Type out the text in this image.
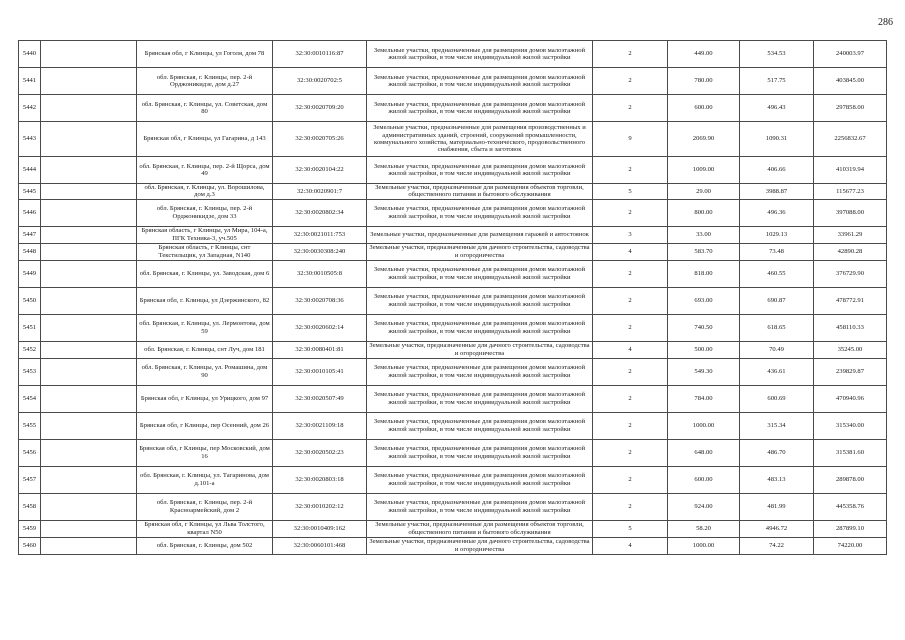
286
5440		Брянская обл, г Клинцы, ул Гоголя, дом 78	32:30:0010116:87	Земельные участки, предназначенные для размещения домов малоэтажной жилой застройки, в том числе индивидуальной жилой застройки	2	449.00	534.53	240003.97
5441		обл. Брянская, г. Клинцы, пер. 2-й Орджоникидзе, дом д.27	32:30:0020702:5	Земельные участки, предназначенные для размещения домов малоэтажной жилой застройки, в том числе индивидуальной жилой застройки	2	780.00	517.75	403845.00
5442		обл. Брянская, г. Клинцы, ул. Советская, дом 80	32:30:0020709:20	Земельные участки, предназначенные для размещения домов малоэтажной жилой застройки, в том числе индивидуальной жилой застройки	2	600.00	496.43	297858.00
5443		Брянская обл, г Клинцы, ул Гагарина, д 143	32:30:0020705:26	Земельные участки, предназначенные для размещения производственных и административных зданий, строений, сооружений промышленности, коммунального хозяйства, материально-технического, продовольственного снабжения, сбыта и заготовок	9	2069.90	1090.31	2256832.67
5444		обл. Брянская, г. Клинцы, пер. 2-й Щорса, дом 49	32:30:0020104:22	Земельные участки, предназначенные для размещения домов малоэтажной жилой застройки, в том числе индивидуальной жилой застройки	2	1009.00	406.66	410319.94
5445		обл. Брянская, г. Клинцы, ул. Ворошилова, дом д.3	32:30:0020901:7	Земельные участки, предназначенные для размещения объектов торговли, общественного питания и бытового обслуживания	5	29.00	3988.87	115677.23
5446		обл. Брянская, г. Клинцы, пер. 2-й Орджоникидзе, дом 33	32:30:0020802:34	Земельные участки, предназначенные для размещения домов малоэтажной жилой застройки, в том числе индивидуальной жилой застройки	2	800.00	496.36	397088.00
5447		Брянская область, г Клинцы, ул Мира, 104-а, ПГК Техника-3, уч.505	32:30:0021011:753	Земельные участки, предназначенные для размещения гаражей и автостоянок	3	33.00	1029.13	33961.29
5448		Брянская область, г Клинцы, снт Текстильщик, ул Западная, N140	32:30:0030308:240	Земельные участки, предназначенные для дачного строительства, садоводства и огородничества	4	583.70	73.48	42890.28
5449		обл. Брянская, г. Клинцы, ул. Заводская, дом 6	32:30:0010505:8	Земельные участки, предназначенные для размещения домов малоэтажной жилой застройки, в том числе индивидуальной жилой застройки	2	818.00	460.55	376729.90
5450		Брянская обл, г. Клинцы, ул Дзержинского, 82	32:30:0020708:36	Земельные участки, предназначенные для размещения домов малоэтажной жилой застройки, в том числе индивидуальной жилой застройки	2	693.00	690.87	478772.91
5451		обл. Брянская, г. Клинцы, ул. Лермонтова, дом 59	32:30:0020602:14	Земельные участки, предназначенные для размещения домов малоэтажной жилой застройки, в том числе индивидуальной жилой застройки	2	740.50	618.65	458110.33
5452		обл. Брянская, г. Клинцы, снт Луч, дом 181	32:30:0080401:81	Земельные участки, предназначенные для дачного строительства, садоводства и огородничества	4	500.00	70.49	35245.00
5453		обл. Брянская, г. Клинцы, ул. Ромашина, дом 90	32:30:0010105:41	Земельные участки, предназначенные для размещения домов малоэтажной жилой застройки, в том числе индивидуальной жилой застройки	2	549.30	436.61	239829.87
5454		Брянская обл, г Клинцы, ул Урицкого, дом 97	32:30:0020507:49	Земельные участки, предназначенные для размещения домов малоэтажной жилой застройки, в том числе индивидуальной жилой застройки	2	784.00	600.69	470940.96
5455		Брянская обл, г Клинцы, пер Осенний, дом 26	32:30:0021109:18	Земельные участки, предназначенные для размещения домов малоэтажной жилой застройки, в том числе индивидуальной жилой застройки	2	1000.00	315.34	315340.00
5456		Брянская обл, г Клинцы, пер Московский, дом 16	32:30:0020502:23	Земельные участки, предназначенные для размещения домов малоэтажной жилой застройки, в том числе индивидуальной жилой застройки	2	648.00	486.70	315381.60
5457		обл. Брянская, г. Клинцы, ул. Тагаринова, дом д.101-а	32:30:0020803:18	Земельные участки, предназначенные для размещения домов малоэтажной жилой застройки, в том числе индивидуальной жилой застройки	2	600.00	483.13	289878.00
5458		обл. Брянская, г. Клинцы, пер. 2-й Красноармейский, дом 2	32:30:0010202:12	Земельные участки, предназначенные для размещения домов малоэтажной жилой застройки, в том числе индивидуальной жилой застройки	2	924.00	481.99	445358.76
5459		Брянская обл, г Клинцы, ул Льва Толстого, квартал N50	32:30:0010409:162	Земельные участки, предназначенные для размещения объектов торговли, общественного питания и бытового обслуживания	5	58.20	4946.72	287899.10
5460		обл. Брянская, г. Клинцы, дом 502	32:30:0060101:468	Земельные участки, предназначенные для дачного строительства, садоводства и огородничества	4	1000.00	74.22	74220.00
